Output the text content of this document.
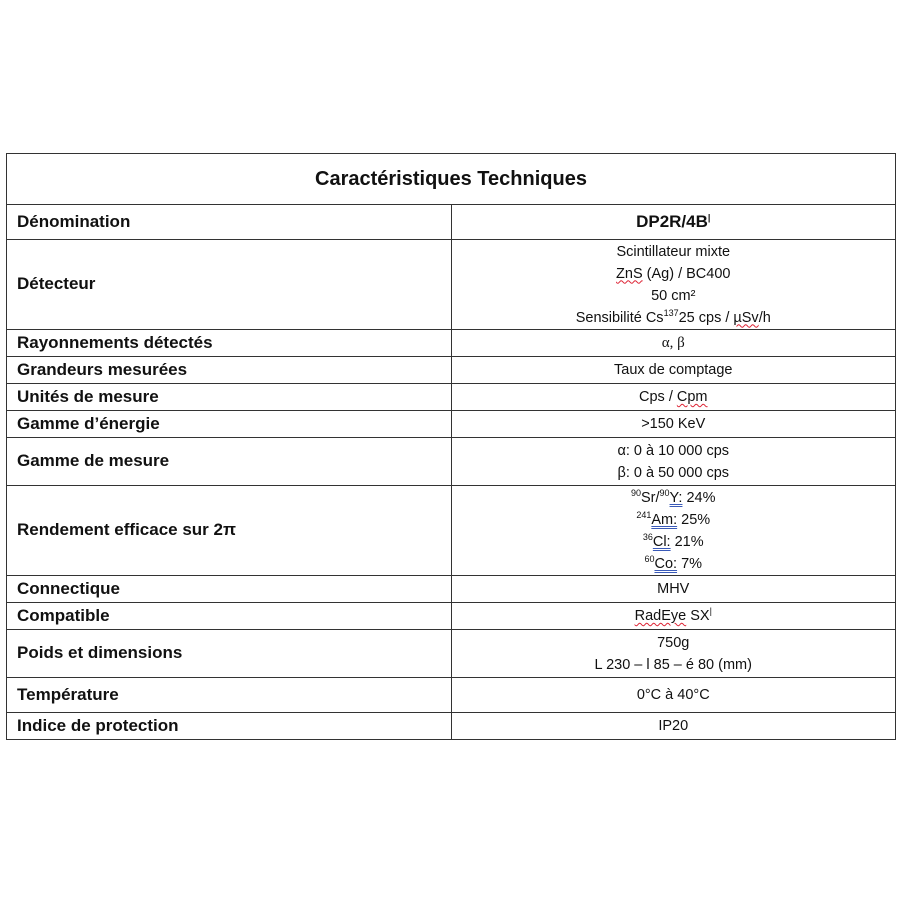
Caractéristiques Techniques	
Dénomination	DP2R/4B|
Détecteur	Scintillateur mixte
ZnS (Ag) / BC400
50 cm²
Sensibilité Cs$^{137}$25 cps / µSv/h

Rayonnements détectés	α, β
Grandeurs mesurées	Taux de comptage
Unités de mesure	Cps / Cpm
Gamme d’énergie	>150 KeV
Gamme de mesure	α: 0 à 10 000 cps
β: 0 à 50 000 cps

Rendement efficace sur 2π	$^{90}$Sr/$^{90}$Y: 24%
$^{241}$Am: 25%
$^{36}$Cl: 21%
$^{60}$Co: 7%

Connectique	MHV
Compatible	RadEye SX|
Poids et dimensions	750g
L 230 – l 85 – é 80 (mm)

Température	0°C à 40°C
Indice de protection	IP20
